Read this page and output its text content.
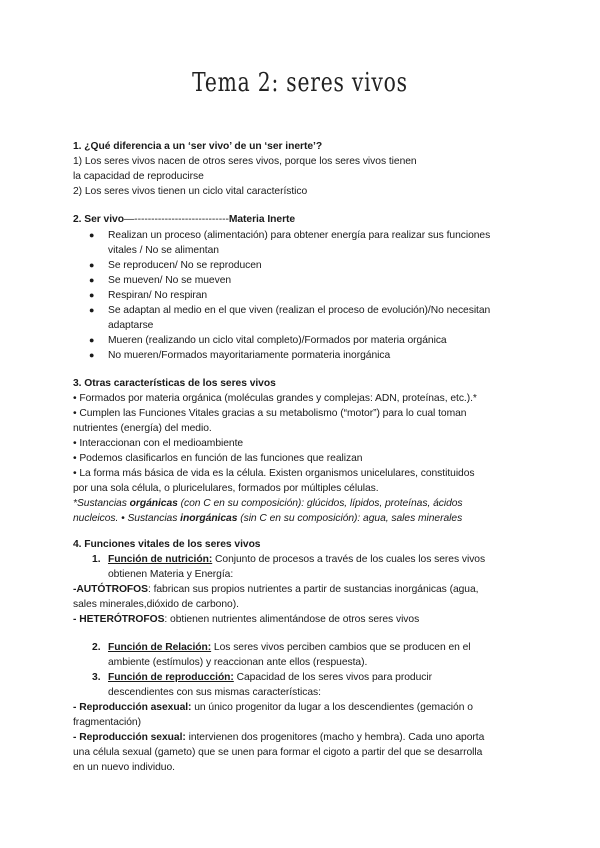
Tema 2: seres vivos
1. ¿Qué diferencia a un ‘ser vivo’ de un ‘ser inerte’?
1) Los seres vivos nacen de otros seres vivos, porque los seres vivos tienen
la capacidad de reproducirse
2) Los seres vivos tienen un ciclo vital característico
2. Ser vivo—----------------------------Materia Inerte
● Realizan un proceso (alimentación) para obtener energía para realizar sus funciones
vitales / No se alimentan
● Se reproducen/ No se reproducen
● Se mueven/ No se mueven
● Respiran/ No respiran
● Se adaptan al medio en el que viven (realizan el proceso de evolución)/No necesitan
adaptarse
● Mueren (realizando un ciclo vital completo)/Formados por materia orgánica
● No mueren/Formados mayoritariamente pormateria inorgánica
3. Otras características de los seres vivos
• Formados por materia orgánica (moléculas grandes y complejas: ADN, proteínas, etc.).*
• Cumplen las Funciones Vitales gracias a su metabolismo (“motor”) para lo cual toman
nutrientes (energía) del medio.
• Interaccionan con el medioambiente
• Podemos clasificarlos en función de las funciones que realizan
• La forma más básica de vida es la célula. Existen organismos unicelulares, constituidos
por una sola célula, o pluricelulares, formados por múltiples células.
*Sustancias orgánicas (con C en su composición): glúcidos, lípidos, proteínas, ácidos
nucleicos. • Sustancias inorgánicas (sin C en su composición): agua, sales minerales
4. Funciones vitales de los seres vivos
1. Función de nutrición: Conjunto de procesos a través de los cuales los seres vivos
obtienen Materia y Energía:
-AUTÓTROFOS: fabrican sus propios nutrientes a partir de sustancias inorgánicas (agua,
sales minerales,dióxido de carbono).
- HETERÓTROFOS: obtienen nutrientes alimentándose de otros seres vivos
2. Función de Relación: Los seres vivos perciben cambios que se producen en el
ambiente (estímulos) y reaccionan ante ellos (respuesta).
3. Función de reproducción: Capacidad de los seres vivos para producir
descendientes con sus mismas características:
- Reproducción asexual: un único progenitor da lugar a los descendientes (gemación o
fragmentación)
- Reproducción sexual: intervienen dos progenitores (macho y hembra). Cada uno aporta
una célula sexual (gameto) que se unen para formar el cigoto a partir del que se desarrolla
en un nuevo individuo.
